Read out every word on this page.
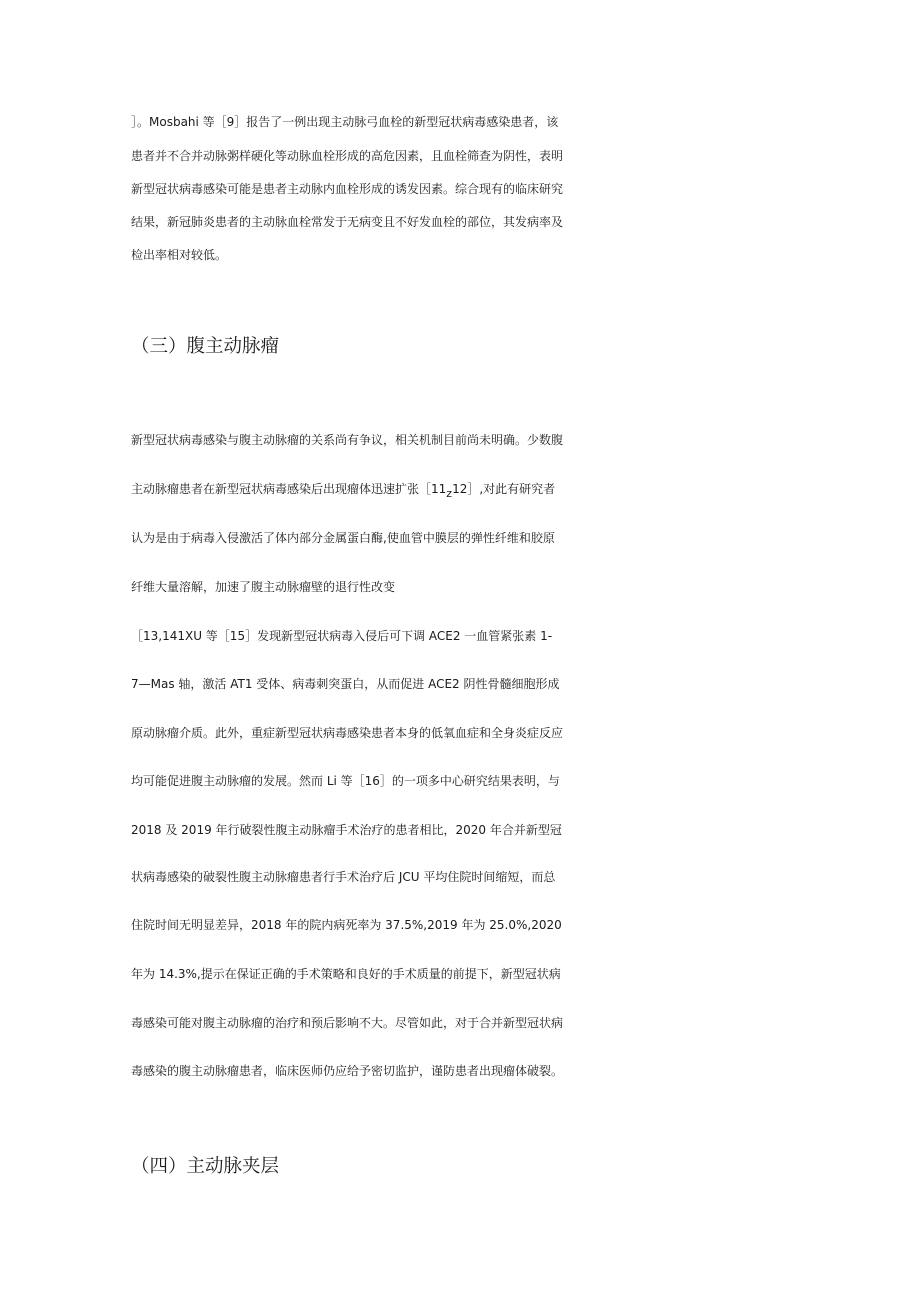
］。Mosbahi 等［9］报告了一例出现主动脉弓血栓的新型冠状病毒感染患者，该
患者并不合并动脉粥样硬化等动脉血栓形成的高危因素，且血栓筛查为阴性，表明
新型冠状病毒感染可能是患者主动脉内血栓形成的诱发因素。综合现有的临床研究
结果，新冠肺炎患者的主动脉血栓常发于无病变且不好发血栓的部位，其发病率及
检出率相对较低。
（三）腹主动脉瘤
新型冠状病毒感染与腹主动脉瘤的关系尚有争议，相关机制目前尚未明确。少数腹
主动脉瘤患者在新型冠状病毒感染后出现瘤体迅速扩张$[11_z12]$,对此有研究者
认为是由于病毒入侵激活了体内部分金属蛋白酶,使血管中膜层的弹性纤维和胶原
纤维大量溶解，加速了腹主动脉瘤壁的退行性改变
［13,141XU 等［15］发现新型冠状病毒入侵后可下调 ACE2 一血管紧张素 1-
7—Mas 轴，激活 AT1 受体、病毒刺突蛋白，从而促进 ACE2 阴性骨髓细胞形成
原动脉瘤介质。此外，重症新型冠状病毒感染患者本身的低氧血症和全身炎症反应
均可能促进腹主动脉瘤的发展。然而 Li 等［16］的一项多中心研究结果表明，与
2018 及 2019 年行破裂性腹主动脉瘤手术治疗的患者相比，2020 年合并新型冠
状病毒感染的破裂性腹主动脉瘤患者行手术治疗后 JCU 平均住院时间缩短，而总
住院时间无明显差异，2018 年的院内病死率为 37.5%,2019 年为 25.0%,2020
年为 14.3%,提示在保证正确的手术策略和良好的手术质量的前提下，新型冠状病
毒感染可能对腹主动脉瘤的治疗和预后影响不大。尽管如此，对于合并新型冠状病
毒感染的腹主动脉瘤患者，临床医师仍应给予密切监护，谨防患者出现瘤体破裂。
（四）主动脉夹层
